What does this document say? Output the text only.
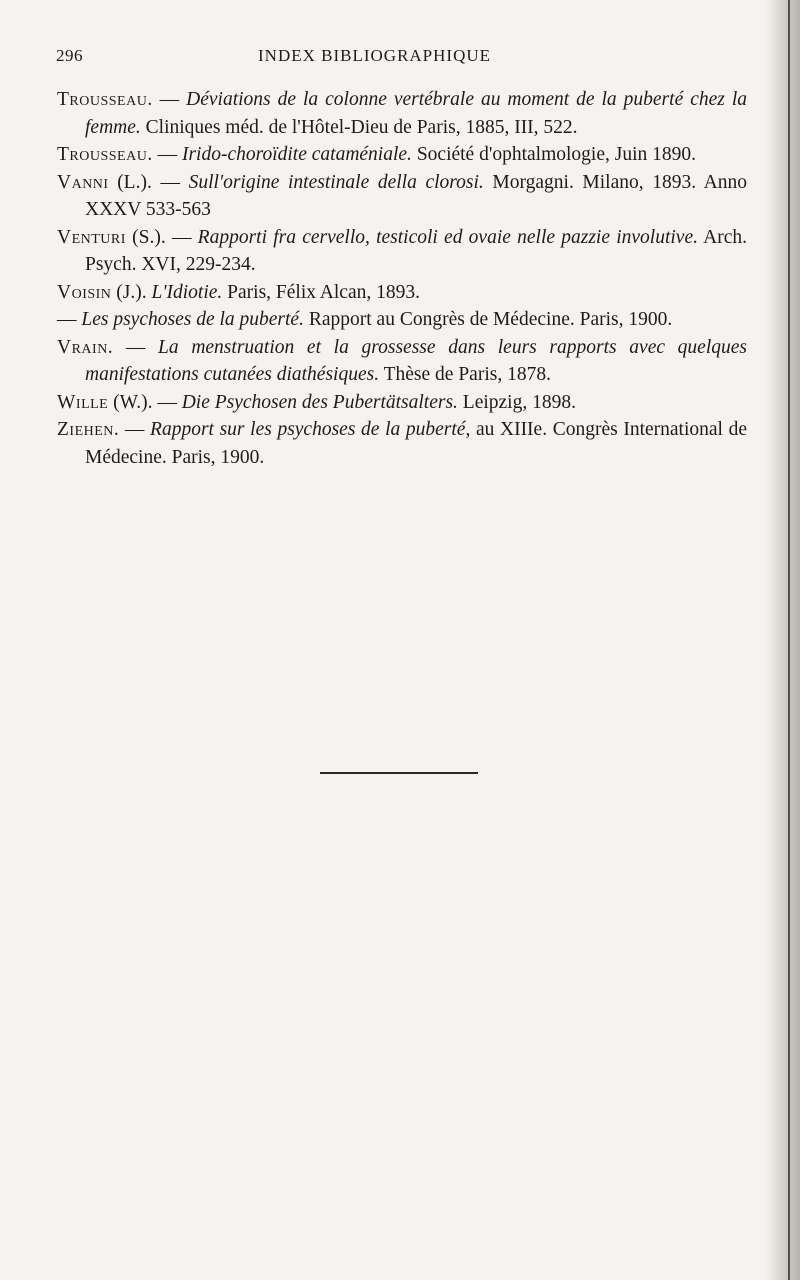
296	INDEX BIBLIOGRAPHIQUE

Trousseau. — Déviations de la colonne vertébrale au moment de la puberté chez la femme. Cliniques méd. de l'Hôtel-Dieu de Paris, 1885, III, 522.

Trousseau. — Irido-choroïdite cataméniale. Société d'ophtalmologie, Juin 1890.

Vanni (L.). — Sull'origine intestinale della clorosi. Morgagni. Milano, 1893. Anno XXXV 533-563

Venturi (S.). — Rapporti fra cervello, testicoli ed ovaie nelle pazzie involutive. Arch. Psych. XVI, 229-234.

Voisin (J.). L'Idiotie. Paris, Félix Alcan, 1893.

— Les psychoses de la puberté. Rapport au Congrès de Médecine. Paris, 1900.

Vrain. — La menstruation et la grossesse dans leurs rapports avec quelques manifestations cutanées diathésiques. Thèse de Paris, 1878.

Wille (W.). — Die Psychosen des Pubertätsalters. Leipzig, 1898.

Ziehen. — Rapport sur les psychoses de la puberté, au XIIIe. Congrès International de Médecine. Paris, 1900.
